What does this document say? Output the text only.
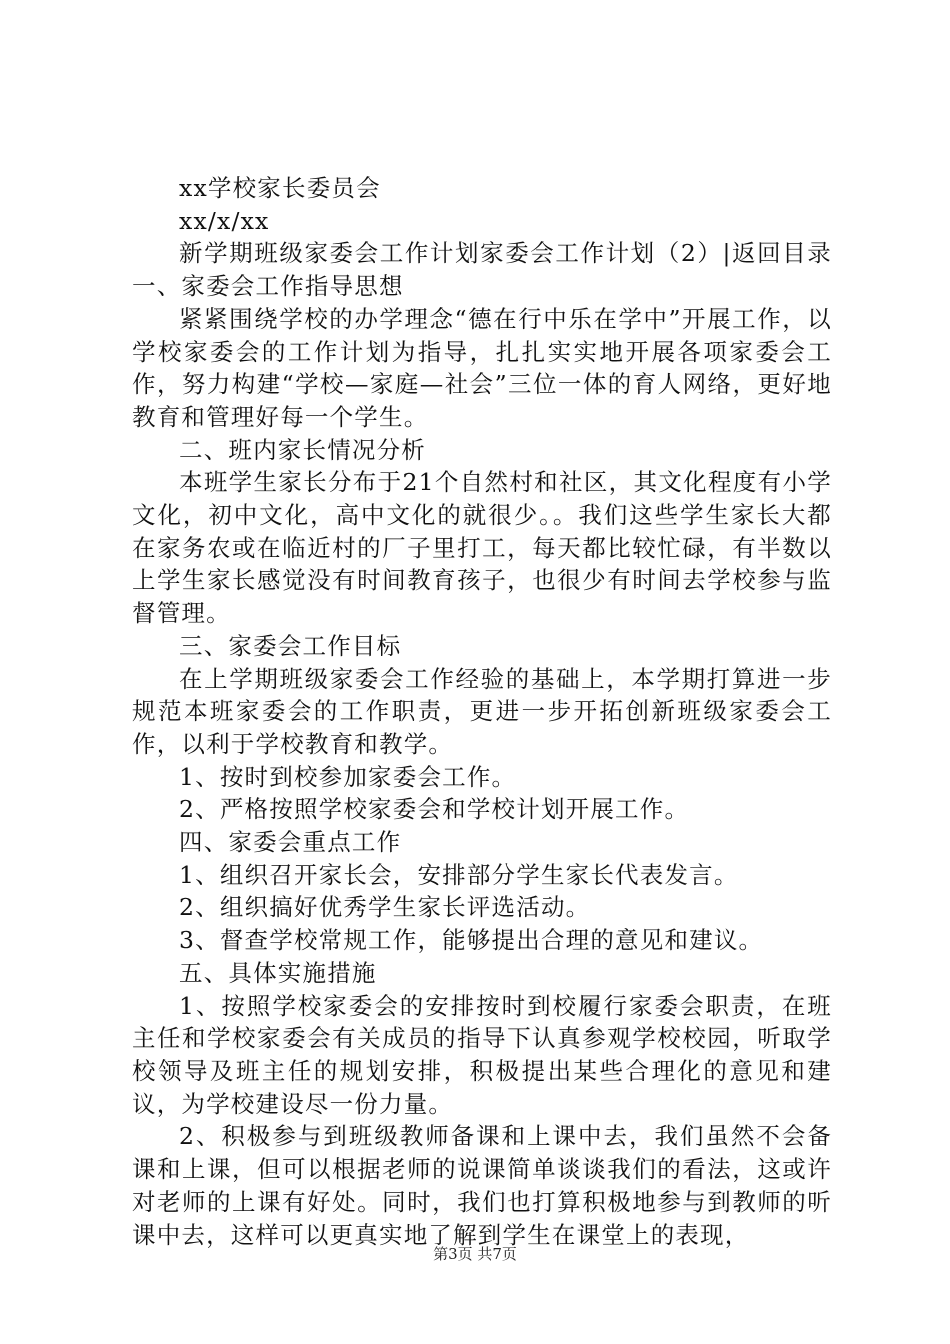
xx学校家长委员会

xx/x/xx

新学期班级家委会工作计划家委会工作计划（2）|返回目录一、家委会工作指导思想

紧紧围绕学校的办学理念“德在行中乐在学中”开展工作，以学校家委会的工作计划为指导，扎扎实实地开展各项家委会工作，努力构建“学校—家庭—社会”三位一体的育人网络，更好地教育和管理好每一个学生。

二、班内家长情况分析

本班学生家长分布于21个自然村和社区，其文化程度有小学文化，初中文化，高中文化的就很少。。我们这些学生家长大都在家务农或在临近村的厂子里打工，每天都比较忙碌，有半数以上学生家长感觉没有时间教育孩子，也很少有时间去学校参与监督管理。

三、家委会工作目标

在上学期班级家委会工作经验的基础上，本学期打算进一步规范本班家委会的工作职责，更进一步开拓创新班级家委会工作，以利于学校教育和教学。

1、按时到校参加家委会工作。

2、严格按照学校家委会和学校计划开展工作。

四、家委会重点工作

1、组织召开家长会，安排部分学生家长代表发言。

2、组织搞好优秀学生家长评选活动。

3、督查学校常规工作，能够提出合理的意见和建议。

五、具体实施措施

1、按照学校家委会的安排按时到校履行家委会职责，在班主任和学校家委会有关成员的指导下认真参观学校校园，听取学校领导及班主任的规划安排，积极提出某些合理化的意见和建议，为学校建设尽一份力量。

2、积极参与到班级教师备课和上课中去，我们虽然不会备课和上课，但可以根据老师的说课简单谈谈我们的看法，这或许对老师的上课有好处。同时，我们也打算积极地参与到教师的听课中去，这样可以更真实地了解到学生在课堂上的表现，

第3页 共7页
